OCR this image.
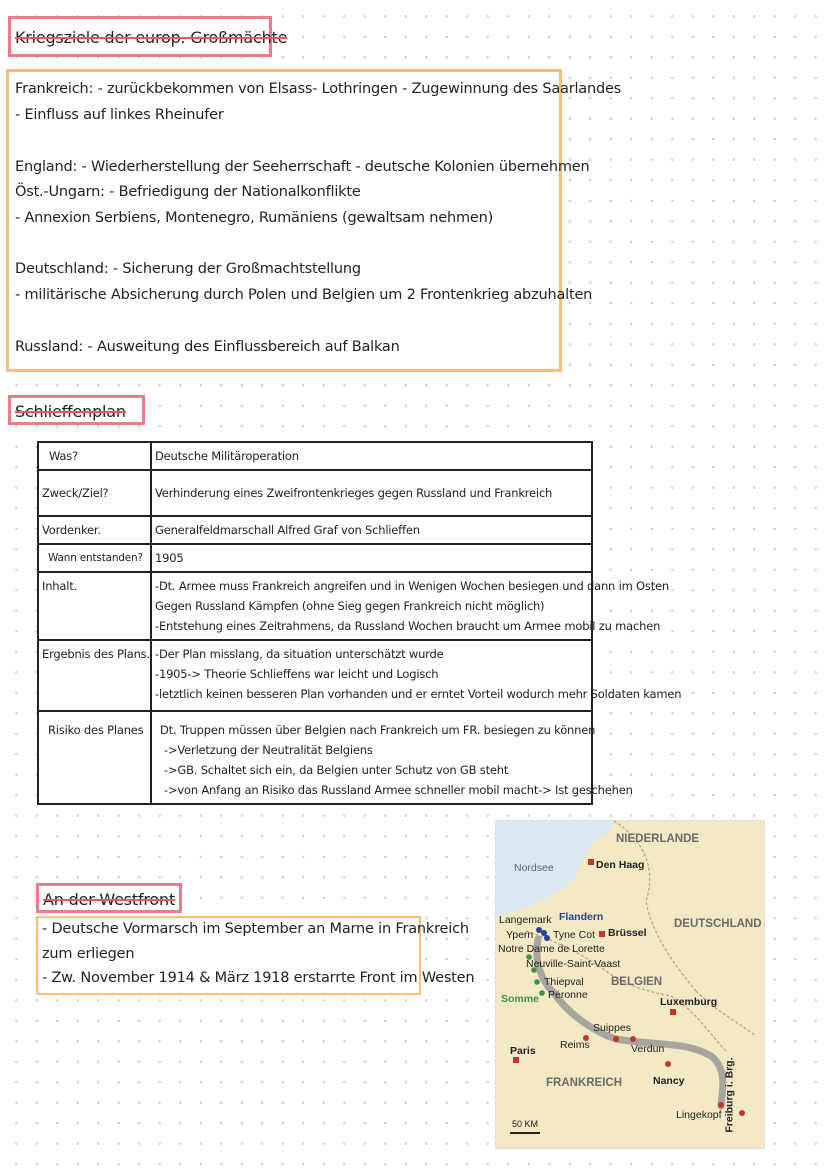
Kriegsziele der europ. Großmächte
Frankreich: - zurückbekommen von Elsass- Lothringen - Zugewinnung des Saarlandes
- Einfluss auf linkes Rheinufer
England: - Wiederherstellung der Seeherrschaft - deutsche Kolonien übernehmen
Öst.-Ungarn: - Befriedigung der Nationalkonflikte
- Annexion Serbiens, Montenegro, Rumäniens (gewaltsam nehmen)
Deutschland: - Sicherung der Großmachtstellung
- militärische Absicherung durch Polen und Belgien um 2 Frontenkrieg abzuhalten
Russland: - Ausweitung des Einflussbereich auf Balkan
Schlieffenplan
Was?	Deutsche Militäroperation

Zweck/Ziel?	Verhinderung eines Zweifrontenkrieges gegen Russland und Frankreich

Vordenker.	Generalfeldmarschall Alfred Graf von Schlieffen

Wann entstanden?	1905

Inhalt.	-Dt. Armee muss Frankreich angreifen und in Wenigen Wochen besiegen und dann im Osten
Gegen Russland Kämpfen (ohne Sieg gegen Frankreich nicht möglich)
-Entstehung eines Zeitrahmens, da Russland Wochen braucht um Armee mobil zu machen

Ergebnis des Plans.	-Der Plan misslang, da situation unterschätzt wurde
-1905-> Theorie Schlieffens war leicht und Logisch
-letztlich keinen besseren Plan vorhanden und er erntet Vorteil wodurch mehr Soldaten kamen

Risiko des Planes	Dt. Truppen müssen über Belgien nach Frankreich um FR. besiegen zu können
->Verletzung der Neutralität Belgiens
->GB. Schaltet sich ein, da Belgien unter Schutz von GB steht
->von Anfang an Risiko das Russland Armee schneller mobil macht-> Ist geschehen
An der Westfront
- Deutsche Vormarsch im September an Marne in Frankreich
zum erliegen
- Zw. November 1914 & März 1918 erstarrte Front im Westen
NIEDERLANDE
Nordsee	Den Haag
Langemark Flandern
Ypern Tyne Cot Brüssel
DEUTSCHLAND
Notre Dame de Lorette
Neuville-Saint-Vaast
Thiepval BELGIEN
Somme Péronne
Luxemburg
Suippes
Paris Reims	Verdun
FRANKREICH	Nancy	Freiburg i. Brg.
Lingekopf
50 KM
